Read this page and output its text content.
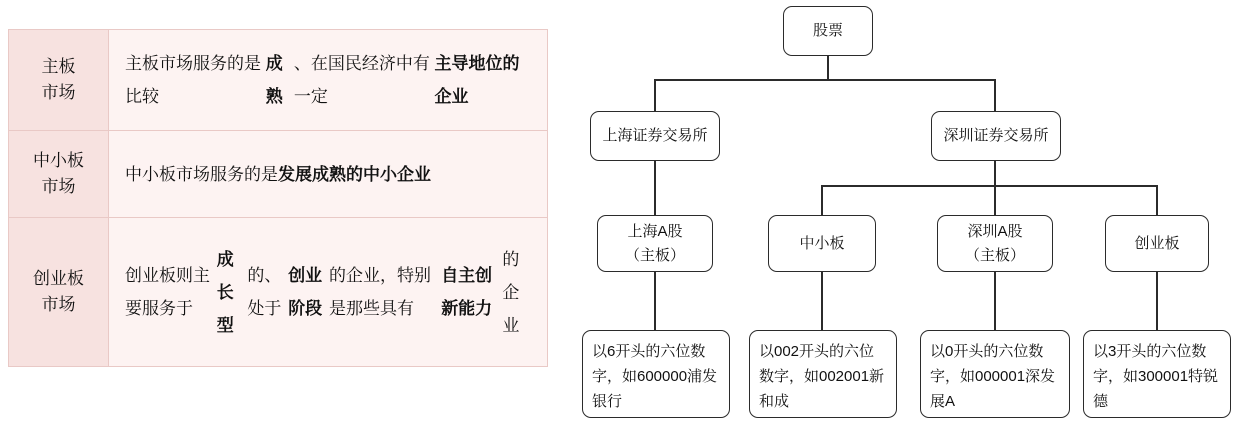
主板
市场
主板市场服务的是比较
成熟
、在国民经济中有一定
主导地位的企业
中小板
市场
中小板市场服务的是 发展成熟的中小企业
创业板
市场
创业板则主要服务于
成长型
的、处于
创业阶段
的企业，特别是那些具有
自主创新能力
的企业
股票
上海证券交易所	深圳证券交易所
上海A股
（主板）
中小板
深圳A股
（主板）
创业板
以6开头的六位数字，如600000浦发银行
以002开头的六位数字，如002001新和成
以0开头的六位数字，如000001深发展A
以3开头的六位数字，如300001特锐德
